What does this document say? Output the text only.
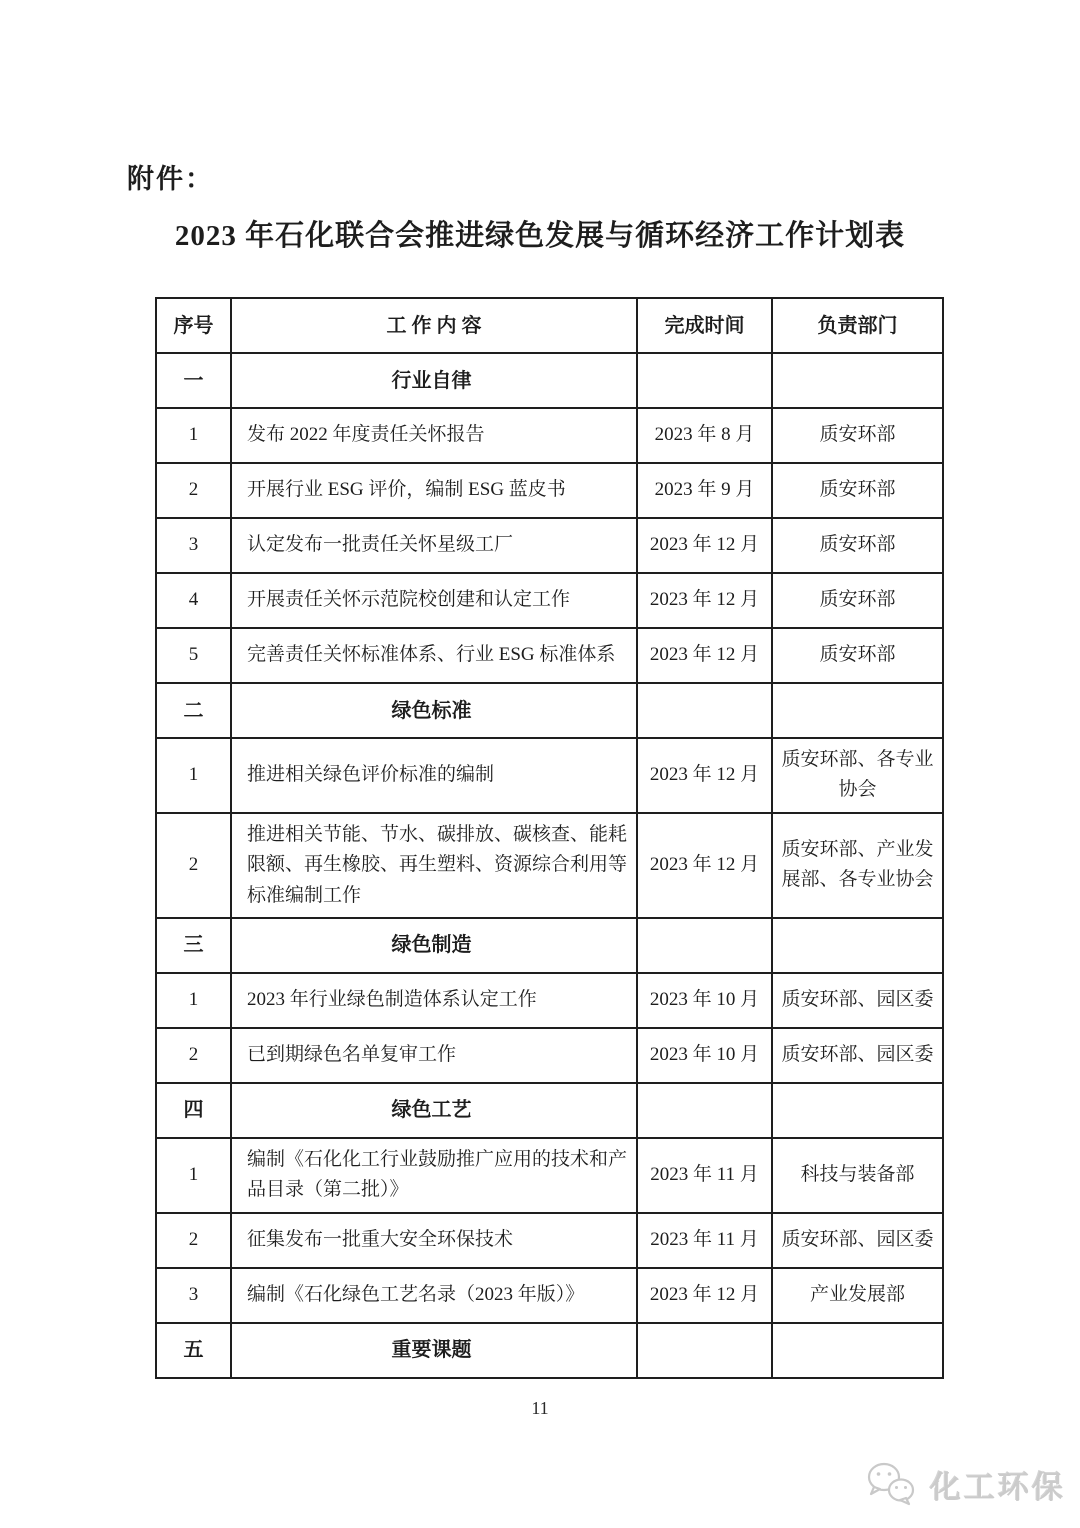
附件：
2023 年石化联合会推进绿色发展与循环经济工作计划表
序号	工 作 内 容	完成时间	负责部门
一	行业自律		
1	发布 2022 年度责任关怀报告	2023 年 8 月	质安环部
2	开展行业 ESG 评价，编制 ESG 蓝皮书	2023 年 9 月	质安环部
3	认定发布一批责任关怀星级工厂	2023 年 12 月	质安环部
4	开展责任关怀示范院校创建和认定工作	2023 年 12 月	质安环部
5	完善责任关怀标准体系、行业 ESG 标准体系	2023 年 12 月	质安环部
二	绿色标准		
1	推进相关绿色评价标准的编制	2023 年 12 月	质安环部、各专业协会
2	推进相关节能、节水、碳排放、碳核查、能耗限额、再生橡胶、再生塑料、资源综合利用等标准编制工作	2023 年 12 月	质安环部、产业发展部、各专业协会
三	绿色制造		
1	2023 年行业绿色制造体系认定工作	2023 年 10 月	质安环部、园区委
2	已到期绿色名单复审工作	2023 年 10 月	质安环部、园区委
四	绿色工艺		
1	编制《石化化工行业鼓励推广应用的技术和产品目录（第二批）》	2023 年 11 月	科技与装备部
2	征集发布一批重大安全环保技术	2023 年 11 月	质安环部、园区委
3	编制《石化绿色工艺名录（2023 年版）》	2023 年 12 月	产业发展部
五	重要课题		
11
化工环保
